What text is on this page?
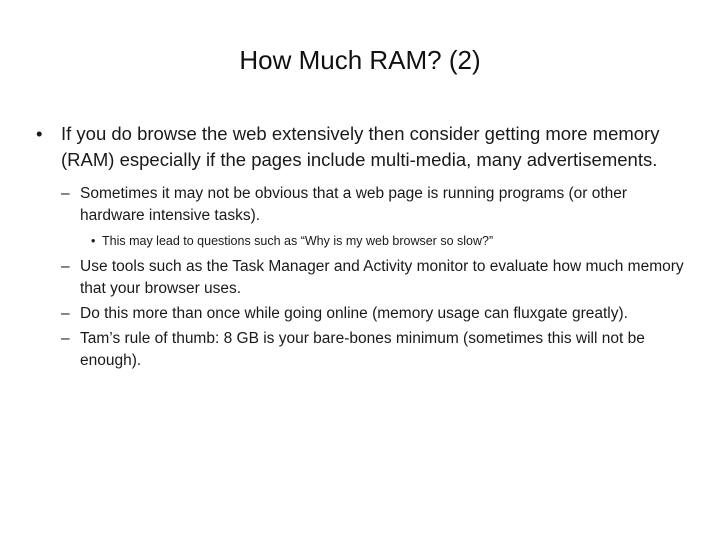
How Much RAM? (2)
•	If you do browse the web extensively then consider getting more memory (RAM) especially if the pages include multi-media, many advertisements.
– Sometimes it may not be obvious that a web page is running programs (or other hardware intensive tasks).
• This may lead to questions such as “Why is my web browser so slow?”
– Use tools such as the Task Manager and Activity monitor to evaluate how much memory that your browser uses.
– Do this more than once while going online (memory usage can fluxgate greatly).
– Tam’s rule of thumb: 8 GB is your bare-bones minimum (sometimes this will not be enough).
